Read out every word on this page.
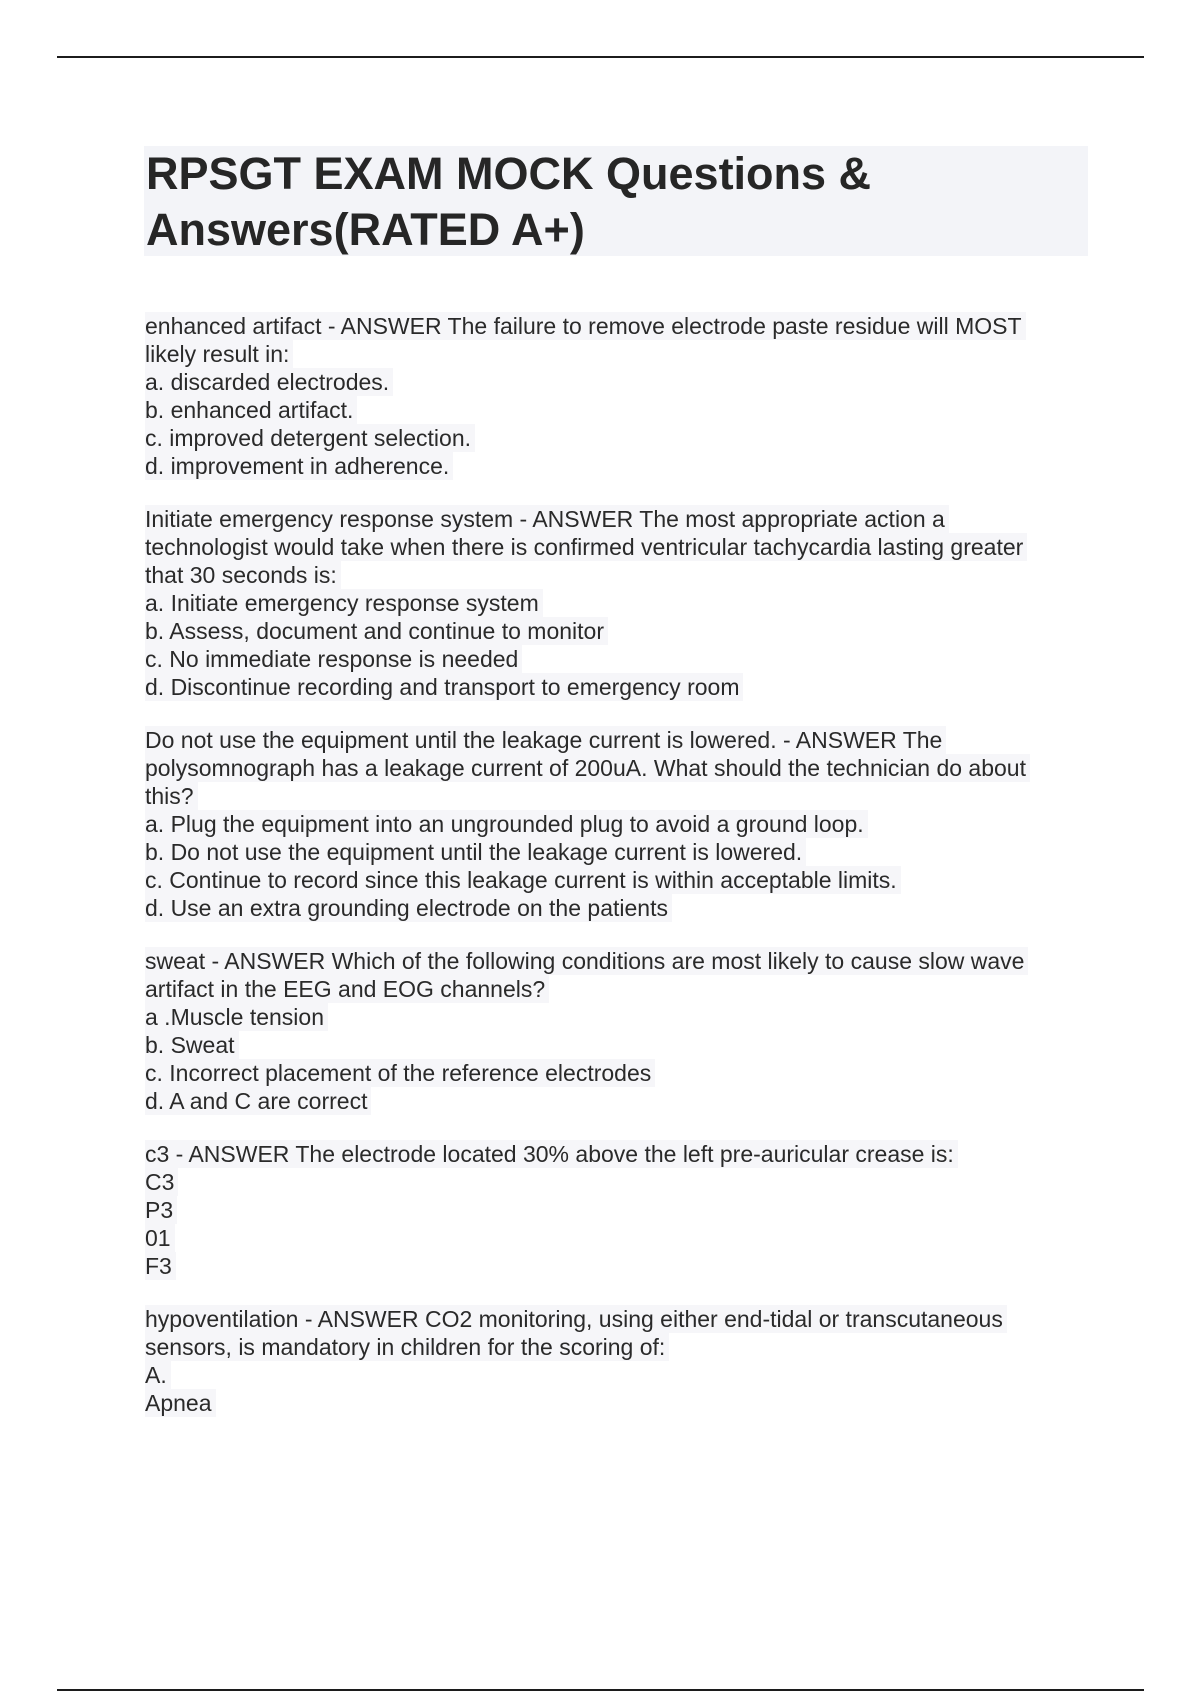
RPSGT EXAM MOCK Questions & Answers(RATED A+)
enhanced artifact - ANSWER The failure to remove electrode paste residue will MOST
likely result in:
a. discarded electrodes.
b. enhanced artifact.
c. improved detergent selection.
d. improvement in adherence.
Initiate emergency response system - ANSWER The most appropriate action a
technologist would take when there is confirmed ventricular tachycardia lasting greater
that 30 seconds is:
a. Initiate emergency response system
b. Assess, document and continue to monitor
c. No immediate response is needed
d. Discontinue recording and transport to emergency room
Do not use the equipment until the leakage current is lowered. - ANSWER The
polysomnograph has a leakage current of 200uA. What should the technician do about
this?
a. Plug the equipment into an ungrounded plug to avoid a ground loop.
b. Do not use the equipment until the leakage current is lowered.
c. Continue to record since this leakage current is within acceptable limits.
d. Use an extra grounding electrode on the patients
sweat - ANSWER Which of the following conditions are most likely to cause slow wave
artifact in the EEG and EOG channels?
a .Muscle tension
b. Sweat
c. Incorrect placement of the reference electrodes
d. A and C are correct
c3 - ANSWER The electrode located 30% above the left pre-auricular crease is:
C3
P3
01
F3
hypoventilation - ANSWER CO2 monitoring, using either end-tidal or transcutaneous
sensors, is mandatory in children for the scoring of:
A.
Apnea
